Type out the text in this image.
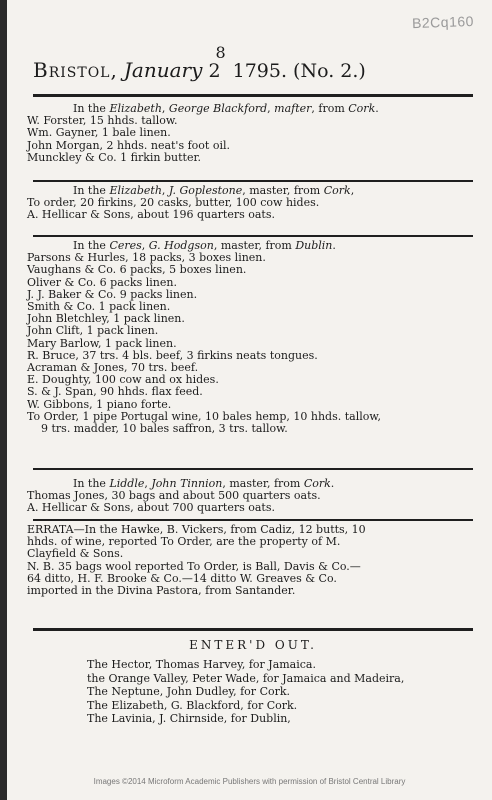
B2Cq160
Bristol, January 2
8
1795. (No. 2.)
In the Elizabeth, George Blackford, mafter, from Cork.
W. Forster, 15 hhds. tallow.
Wm. Gayner, 1 bale linen.
John Morgan, 2 hhds. neat's foot oil.
Munckley & Co. 1 firkin butter.
In the Elizabeth, J. Goplestone, master, from Cork,
To order, 20 firkins, 20 casks, butter, 100 cow hides.
A. Hellicar & Sons, about 196 quarters oats.
In the Ceres, G. Hodgson, master, from Dublin.
Parsons & Hurles, 18 packs, 3 boxes linen.
Vaughans & Co. 6 packs, 5 boxes linen.
Oliver & Co. 6 packs linen.
J. J. Baker & Co. 9 packs linen.
Smith & Co. 1 pack linen.
John Bletchley, 1 pack linen.
John Clift, 1 pack linen.
Mary Barlow, 1 pack linen.
R. Bruce, 37 trs. 4 bls. beef, 3 firkins neats tongues.
Acraman & Jones, 70 trs. beef.
E. Doughty, 100 cow and ox hides.
S. & J. Span, 90 hhds. flax feed.
W. Gibbons, 1 piano forte.
To Order, 1 pipe Portugal wine, 10 bales hemp, 10 hhds. tallow,
9 trs. madder, 10 bales saffron, 3 trs. tallow.
In the Liddle, John Tinnion, master, from Cork.
Thomas Jones, 30 bags and about 500 quarters oats.
A. Hellicar & Sons, about 700 quarters oats.
ERRATA—In the Hawke, B. Vickers, from Cadiz, 12 butts, 10
hhds. of wine, reported To Order, are the property of M.
Clayfield & Sons.
N. B. 35 bags wool reported To Order, is Ball, Davis & Co.—
64 ditto, H. F. Brooke & Co.—14 ditto W. Greaves & Co.
imported in the Divina Pastora, from Santander.
ENTER'D OUT.
The Hector, Thomas Harvey, for Jamaica.
the Orange Valley, Peter Wade, for Jamaica and Madeira,
The Neptune, John Dudley, for Cork.
The Elizabeth, G. Blackford, for Cork.
The Lavinia, J. Chirnside, for Dublin,
Images ©2014 Microform Academic Publishers with permission of Bristol Central Library
